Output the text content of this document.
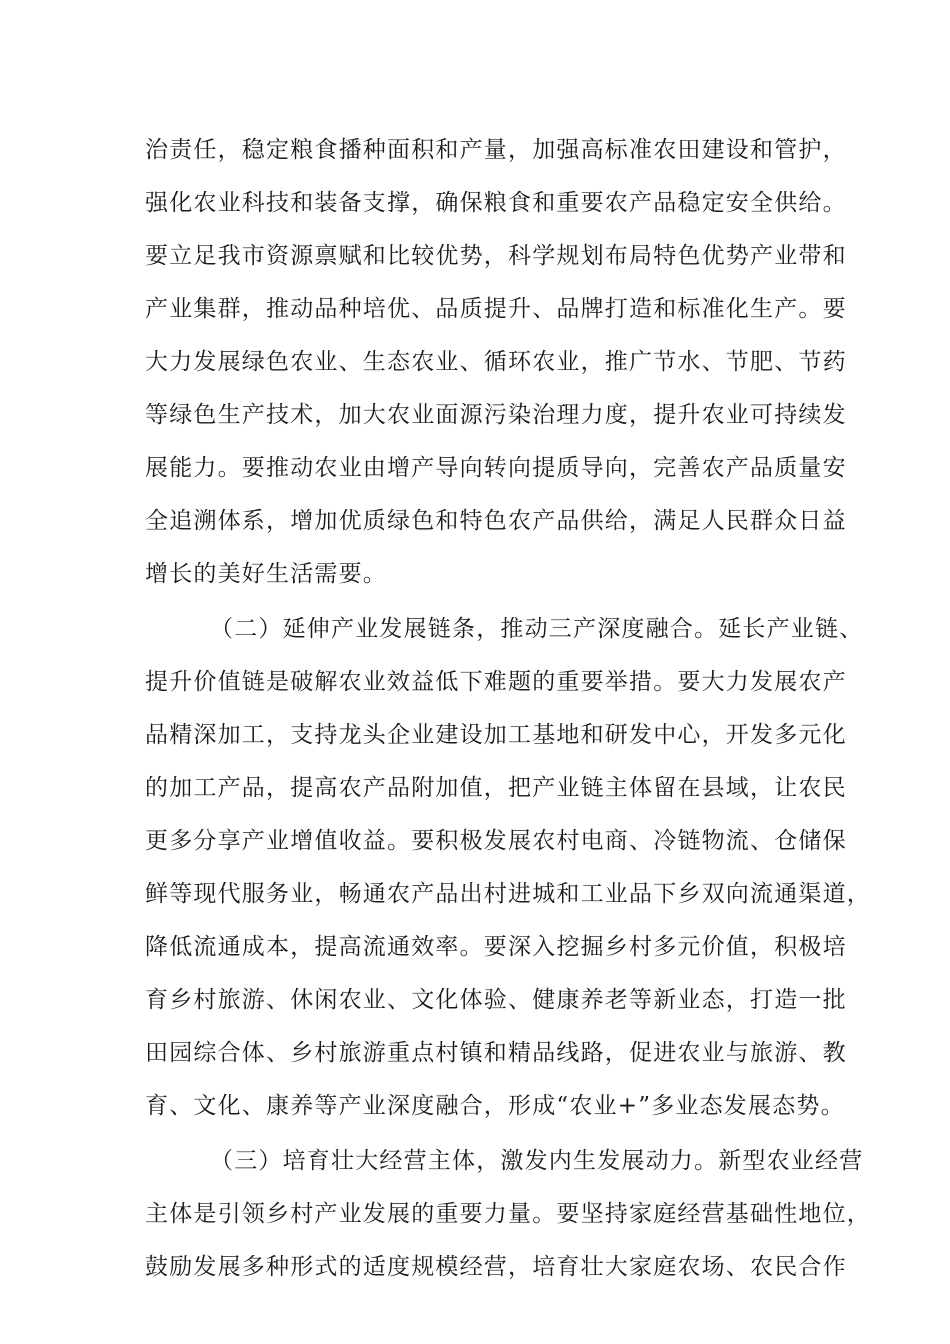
治责任，稳定粮食播种面积和产量，加强高标准农田建设和管护，
强化农业科技和装备支撑，确保粮食和重要农产品稳定安全供给。
要立足我市资源禀赋和比较优势，科学规划布局特色优势产业带和
产业集群，推动品种培优、品质提升、品牌打造和标准化生产。要
大力发展绿色农业、生态农业、循环农业，推广节水、节肥、节药
等绿色生产技术，加大农业面源污染治理力度，提升农业可持续发
展能力。要推动农业由增产导向转向提质导向，完善农产品质量安
全追溯体系，增加优质绿色和特色农产品供给，满足人民群众日益
增长的美好生活需要。
（二）延伸产业发展链条，推动三产深度融合。延长产业链、
提升价值链是破解农业效益低下难题的重要举措。要大力发展农产
品精深加工，支持龙头企业建设加工基地和研发中心，开发多元化
的加工产品，提高农产品附加值，把产业链主体留在县域，让农民
更多分享产业增值收益。要积极发展农村电商、冷链物流、仓储保
鲜等现代服务业，畅通农产品出村进城和工业品下乡双向流通渠道，
降低流通成本，提高流通效率。要深入挖掘乡村多元价值，积极培
育乡村旅游、休闲农业、文化体验、健康养老等新业态，打造一批
田园综合体、乡村旅游重点村镇和精品线路，促进农业与旅游、教
育、文化、康养等产业深度融合，形成“农业+”多业态发展态势。
（三）培育壮大经营主体，激发内生发展动力。新型农业经营
主体是引领乡村产业发展的重要力量。要坚持家庭经营基础性地位，
鼓励发展多种形式的适度规模经营，培育壮大家庭农场、农民合作
